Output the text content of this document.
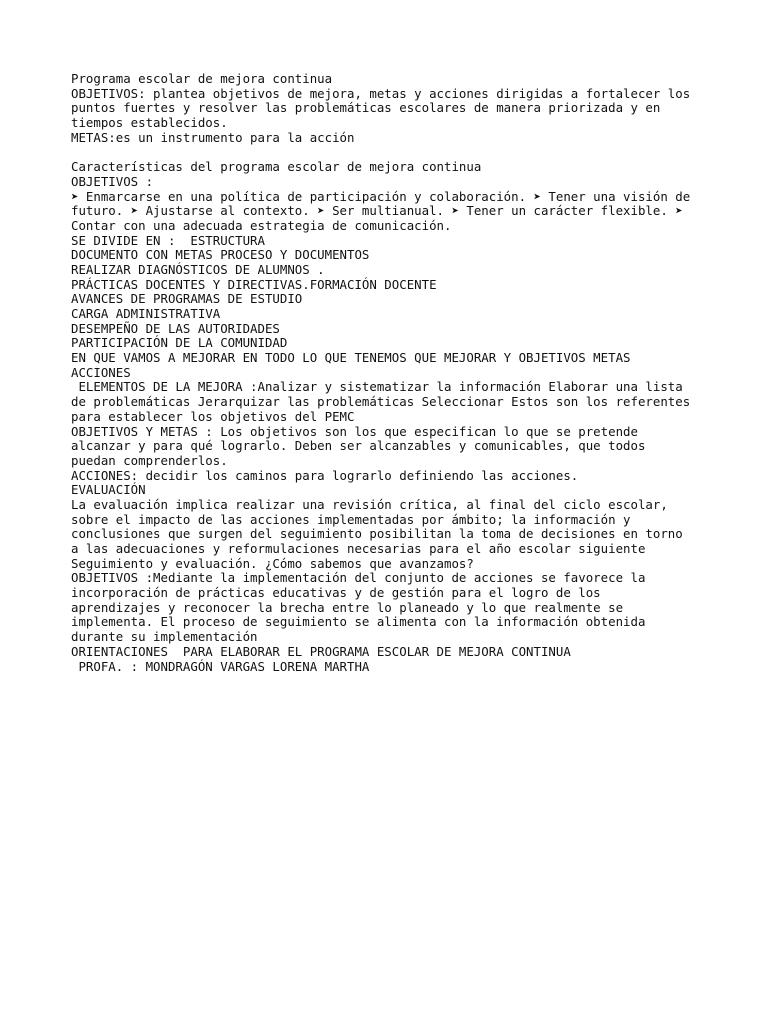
Programa escolar de mejora continua

OBJETIVOS: plantea objetivos de mejora, metas y acciones dirigidas a fortalecer los

puntos fuertes y resolver las problemáticas escolares de manera priorizada y en

tiempos establecidos.

METAS:es un instrumento para la acción

Características del programa escolar de mejora continua

OBJETIVOS :

➤ Enmarcarse en una política de participación y colaboración. ➤ Tener una visión de

futuro. ➤ Ajustarse al contexto. ➤ Ser multianual. ➤ Tener un carácter flexible. ➤

Contar con una adecuada estrategia de comunicación.

SE DIVIDE EN :  ESTRUCTURA

DOCUMENTO CON METAS PROCESO Y DOCUMENTOS

REALIZAR DIAGNÓSTICOS DE ALUMNOS .

PRÁCTICAS DOCENTES Y DIRECTIVAS.FORMACIÓN DOCENTE

AVANCES DE PROGRAMAS DE ESTUDIO

CARGA ADMINISTRATIVA

DESEMPEÑO DE LAS AUTORIDADES

PARTICIPACIÓN DE LA COMUNIDAD

EN QUE VAMOS A MEJORAR EN TODO LO QUE TENEMOS QUE MEJORAR Y OBJETIVOS METAS

ACCIONES

ELEMENTOS DE LA MEJORA :Analizar y sistematizar la información Elaborar una lista

de problemáticas Jerarquizar las problemáticas Seleccionar Estos son los referentes

para establecer los objetivos del PEMC

OBJETIVOS Y METAS : Los objetivos son los que especifican lo que se pretende

alcanzar y para qué lograrlo. Deben ser alcanzables y comunicables, que todos

puedan comprenderlos.

ACCIONES: decidir los caminos para lograrlo definiendo las acciones.

EVALUACIÓN

La evaluación implica realizar una revisión crítica, al final del ciclo escolar,

sobre el impacto de las acciones implementadas por ámbito; la información y

conclusiones que surgen del seguimiento posibilitan la toma de decisiones en torno

a las adecuaciones y reformulaciones necesarias para el año escolar siguiente

Seguimiento y evaluación. ¿Cómo sabemos que avanzamos?

OBJETIVOS :Mediante la implementación del conjunto de acciones se favorece la

incorporación de prácticas educativas y de gestión para el logro de los

aprendizajes y reconocer la brecha entre lo planeado y lo que realmente se

implementa. El proceso de seguimiento se alimenta con la información obtenida

durante su implementación

ORIENTACIONES  PARA ELABORAR EL PROGRAMA ESCOLAR DE MEJORA CONTINUA

PROFA. : MONDRAGÓN VARGAS LORENA MARTHA
